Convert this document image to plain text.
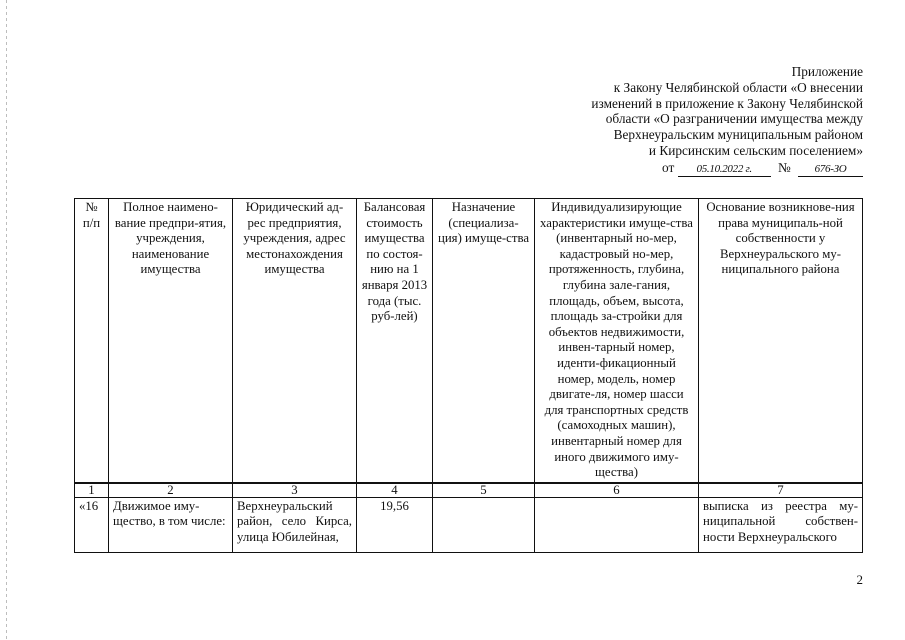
Приложение
к Закону Челябинской области «О внесении
изменений в приложение к Закону Челябинской
области «О разграничении имущества между
Верхнеуральским муниципальным районом
и Кирсинским сельским поселением»
от 05.10.2022 г. № 676-ЗО
№ п/п	Полное наимено-вание предпри-ятия, учреждения, наименование имущества	Юридический ад-рес предприятия, учреждения, адрес местонахождения имущества	Балансовая стоимость имущества по состоя-нию на 1 января 2013 года (тыс. руб-лей)	Назначение (специализа-ция) имуще-ства	Индивидуализирующие характеристики имуще-ства (инвентарный но-мер, кадастровый но-мер, протяженность, глубина, глубина зале-гания, площадь, объем, высота, площадь за-стройки для объектов недвижимости, инвен-тарный номер, иденти-фикационный номер, модель, номер двигате-ля, номер шасси для транспортных средств (самоходных машин), инвентарный номер для иного движимого иму-щества)	Основание возникнове-ния права муниципаль-ной собственности у Верхнеуральского му-ниципального района
1	2	3	4	5	6	7
«16	Движимое иму-щество, в том числе:	Верхнеуральский район, село Кирса, улица Юбилейная,	19,56			выписка из реестра му-ниципальной собствен-ности Верхнеуральского
2
